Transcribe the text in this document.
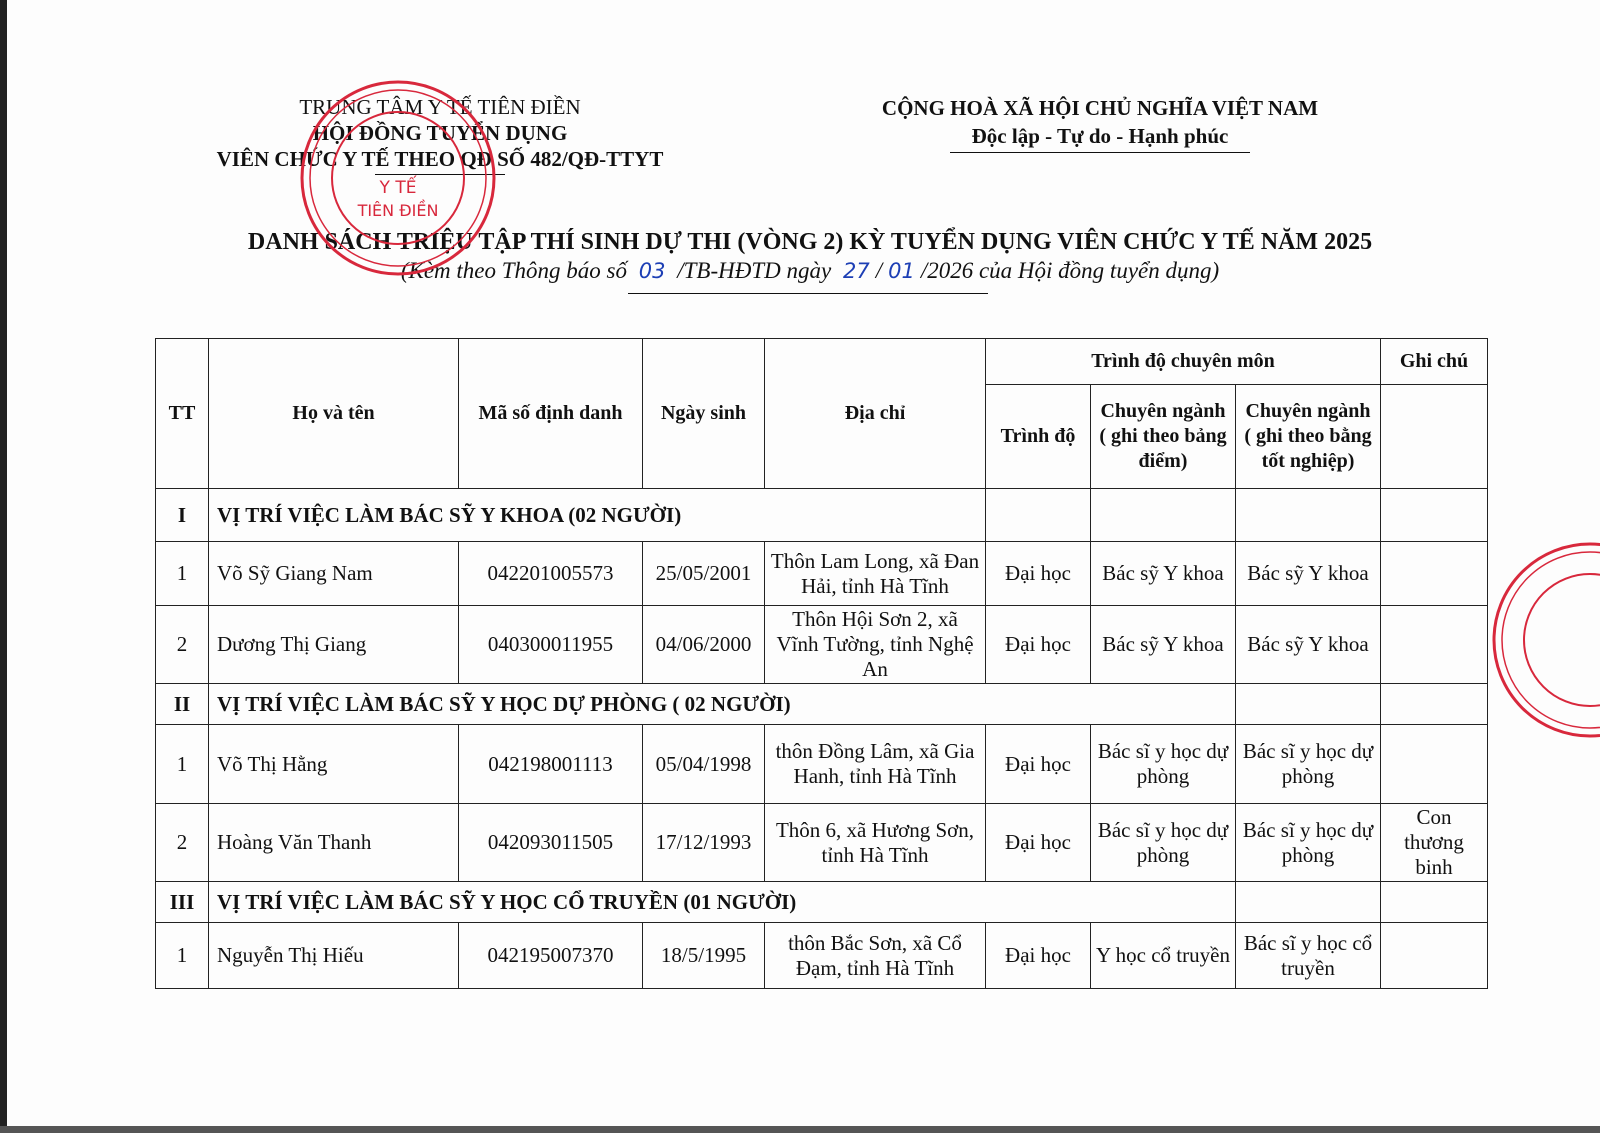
TRUNG TÂM Y TẾ TIÊN ĐIỀN
HỘI ĐỒNG TUYỂN DỤNG
VIÊN CHỨC Y TẾ THEO QĐ SỐ 482/QĐ-TTYT
CỘNG HOÀ XÃ HỘI CHỦ NGHĨA VIỆT NAM
Độc lập - Tự do - Hạnh phúc
DANH SÁCH TRIỆU TẬP THÍ SINH DỰ THI (VÒNG 2) KỲ TUYỂN DỤNG VIÊN CHỨC Y TẾ NĂM 2025
(Kèm theo Thông báo số 03 /TB-HĐTD ngày 27 / 01 /2026 của Hội đồng tuyển dụng)
TT	Họ và tên	Mã số định danh	Ngày sinh	Địa chỉ	Trình độ chuyên môn			Ghi chú
					Trình độ	Chuyên ngành ( ghi theo bảng điểm)	Chuyên ngành ( ghi theo bằng tốt nghiệp)	
I	VỊ TRÍ VIỆC LÀM BÁC SỸ Y KHOA (02 NGƯỜI)							
1	Võ Sỹ Giang Nam	042201005573	25/05/2001	Thôn Lam Long, xã Đan Hải, tỉnh Hà Tĩnh	Đại học	Bác sỹ Y khoa	Bác sỹ Y khoa	
2	Dương Thị Giang	040300011955	04/06/2000	Thôn Hội Sơn 2, xã Vĩnh Tường, tỉnh Nghệ An	Đại học	Bác sỹ Y khoa	Bác sỹ Y khoa	
II	VỊ TRÍ VIỆC LÀM BÁC SỸ Y HỌC DỰ PHÒNG ( 02 NGƯỜI)							
1	Võ Thị Hằng	042198001113	05/04/1998	thôn Đồng Lâm, xã Gia Hanh, tỉnh Hà Tĩnh	Đại học	Bác sĩ y học dự phòng	Bác sĩ y học dự phòng	
2	Hoàng Văn Thanh	042093011505	17/12/1993	Thôn 6, xã Hương Sơn, tỉnh Hà Tĩnh	Đại học	Bác sĩ y học dự phòng	Bác sĩ y học dự phòng	Con thương binh
III	VỊ TRÍ VIỆC LÀM BÁC SỸ Y HỌC CỔ TRUYỀN (01 NGƯỜI)							
1	Nguyễn Thị Hiếu	042195007370	18/5/1995	thôn Bắc Sơn, xã Cổ Đạm, tỉnh Hà Tĩnh	Đại học	Y học cổ truyền	Bác sĩ y học cổ truyền	
Y TẾ
TIÊN ĐIỀN
